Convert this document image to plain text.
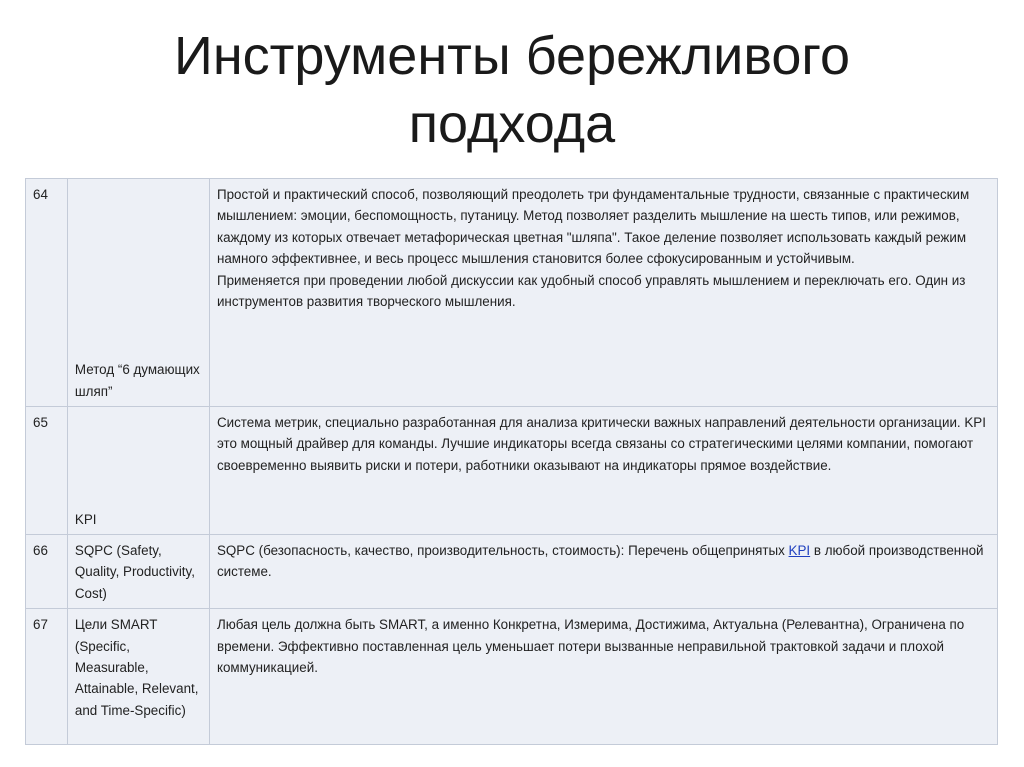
Инструменты бережливого
подхода
64	Метод “6 думающих шляп”	Простой и практический способ, позволяющий преодолеть три фундаментальные трудности, связанные с практическим мышлением: эмоции, беспомощность, путаницу. Метод позволяет разделить мышление на шесть типов, или режимов, каждому из которых отвечает метафорическая цветная "шляпа". Такое деление позволяет использовать каждый режим намного эффективнее, и весь процесс мышления становится более сфокусированным и устойчивым.
Применяется при проведении любой дискуссии как удобный способ управлять мышлением и переключать его. Один из инструментов развития творческого мышления.

65	KPI	Система метрик, специально разработанная для анализа критически важных направлений деятельности организации. KPI это мощный драйвер для команды. Лучшие индикаторы всегда связаны со стратегическими целями компании, помогают своевременно выявить риски и потери, работники оказывают на индикаторы прямое воздействие.
66	SQPC (Safety, Quality, Productivity, Cost)	SQPC (безопасность, качество, производительность, стоимость): Перечень общепринятых KPI в любой производственной системе.
67	Цели SMART (Specific, Measurable, Attainable, Relevant, and Time-Specific)	Любая цель должна быть SMART, а именно Конкретна, Измерима, Достижима, Актуальна (Релевантна), Ограничена по времени. Эффективно поставленная цель уменьшает потери вызванные неправильной трактовкой задачи и плохой коммуникацией.
